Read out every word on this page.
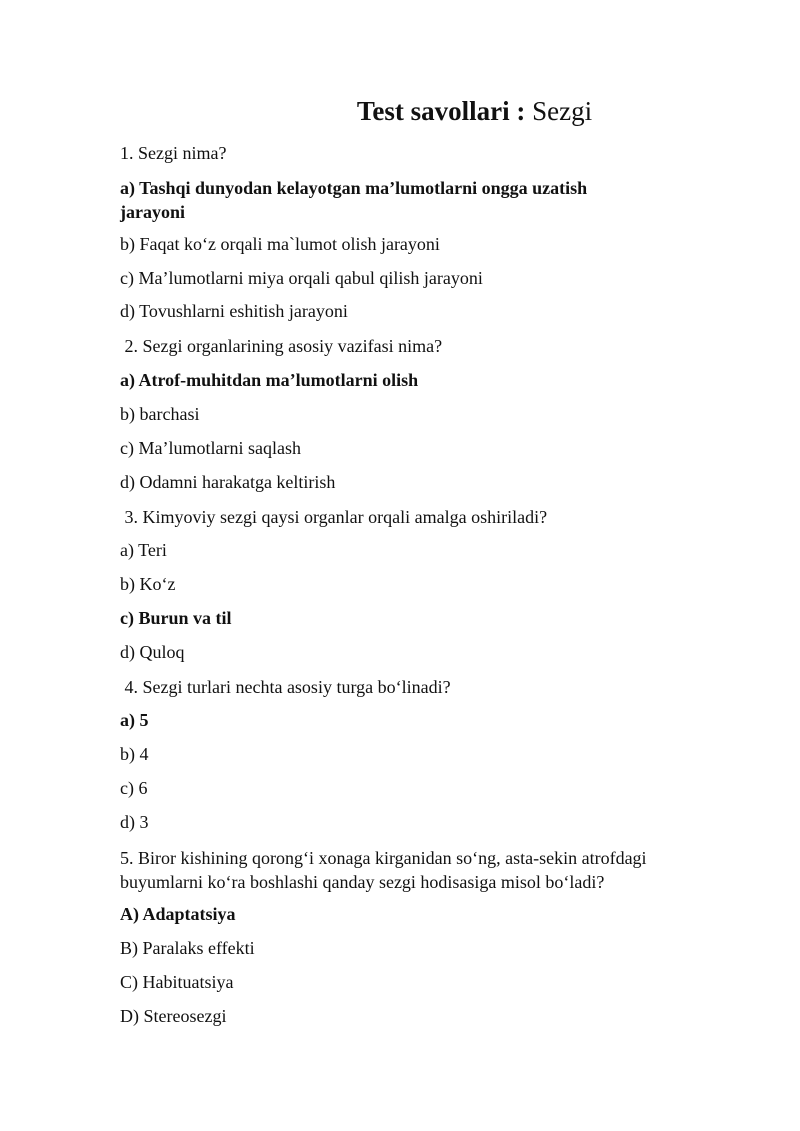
Test savollari : Sezgi
1. Sezgi nima?
a) Tashqi dunyodan kelayotgan ma’lumotlarni ongga uzatish jarayoni
b) Faqat ko‘z orqali ma`lumot olish jarayoni
c) Ma’lumotlarni miya orqali qabul qilish jarayoni
d) Tovushlarni eshitish jarayoni
2. Sezgi organlarining asosiy vazifasi nima?
a) Atrof-muhitdan ma’lumotlarni olish
b) barchasi
c) Ma’lumotlarni saqlash
d) Odamni harakatga keltirish
3. Kimyoviy sezgi qaysi organlar orqali amalga oshiriladi?
a) Teri
b) Ko‘z
c) Burun va til
d) Quloq
4. Sezgi turlari nechta asosiy turga bo‘linadi?
a) 5
b) 4
c) 6
d) 3
5. Biror kishining qorong‘i xonaga kirganidan so‘ng, asta-sekin atrofdagi buyumlarni ko‘ra boshlashi qanday sezgi hodisasiga misol bo‘ladi?
A) Adaptatsiya
B) Paralaks effekti
C) Habituatsiya
D) Stereosezgi
